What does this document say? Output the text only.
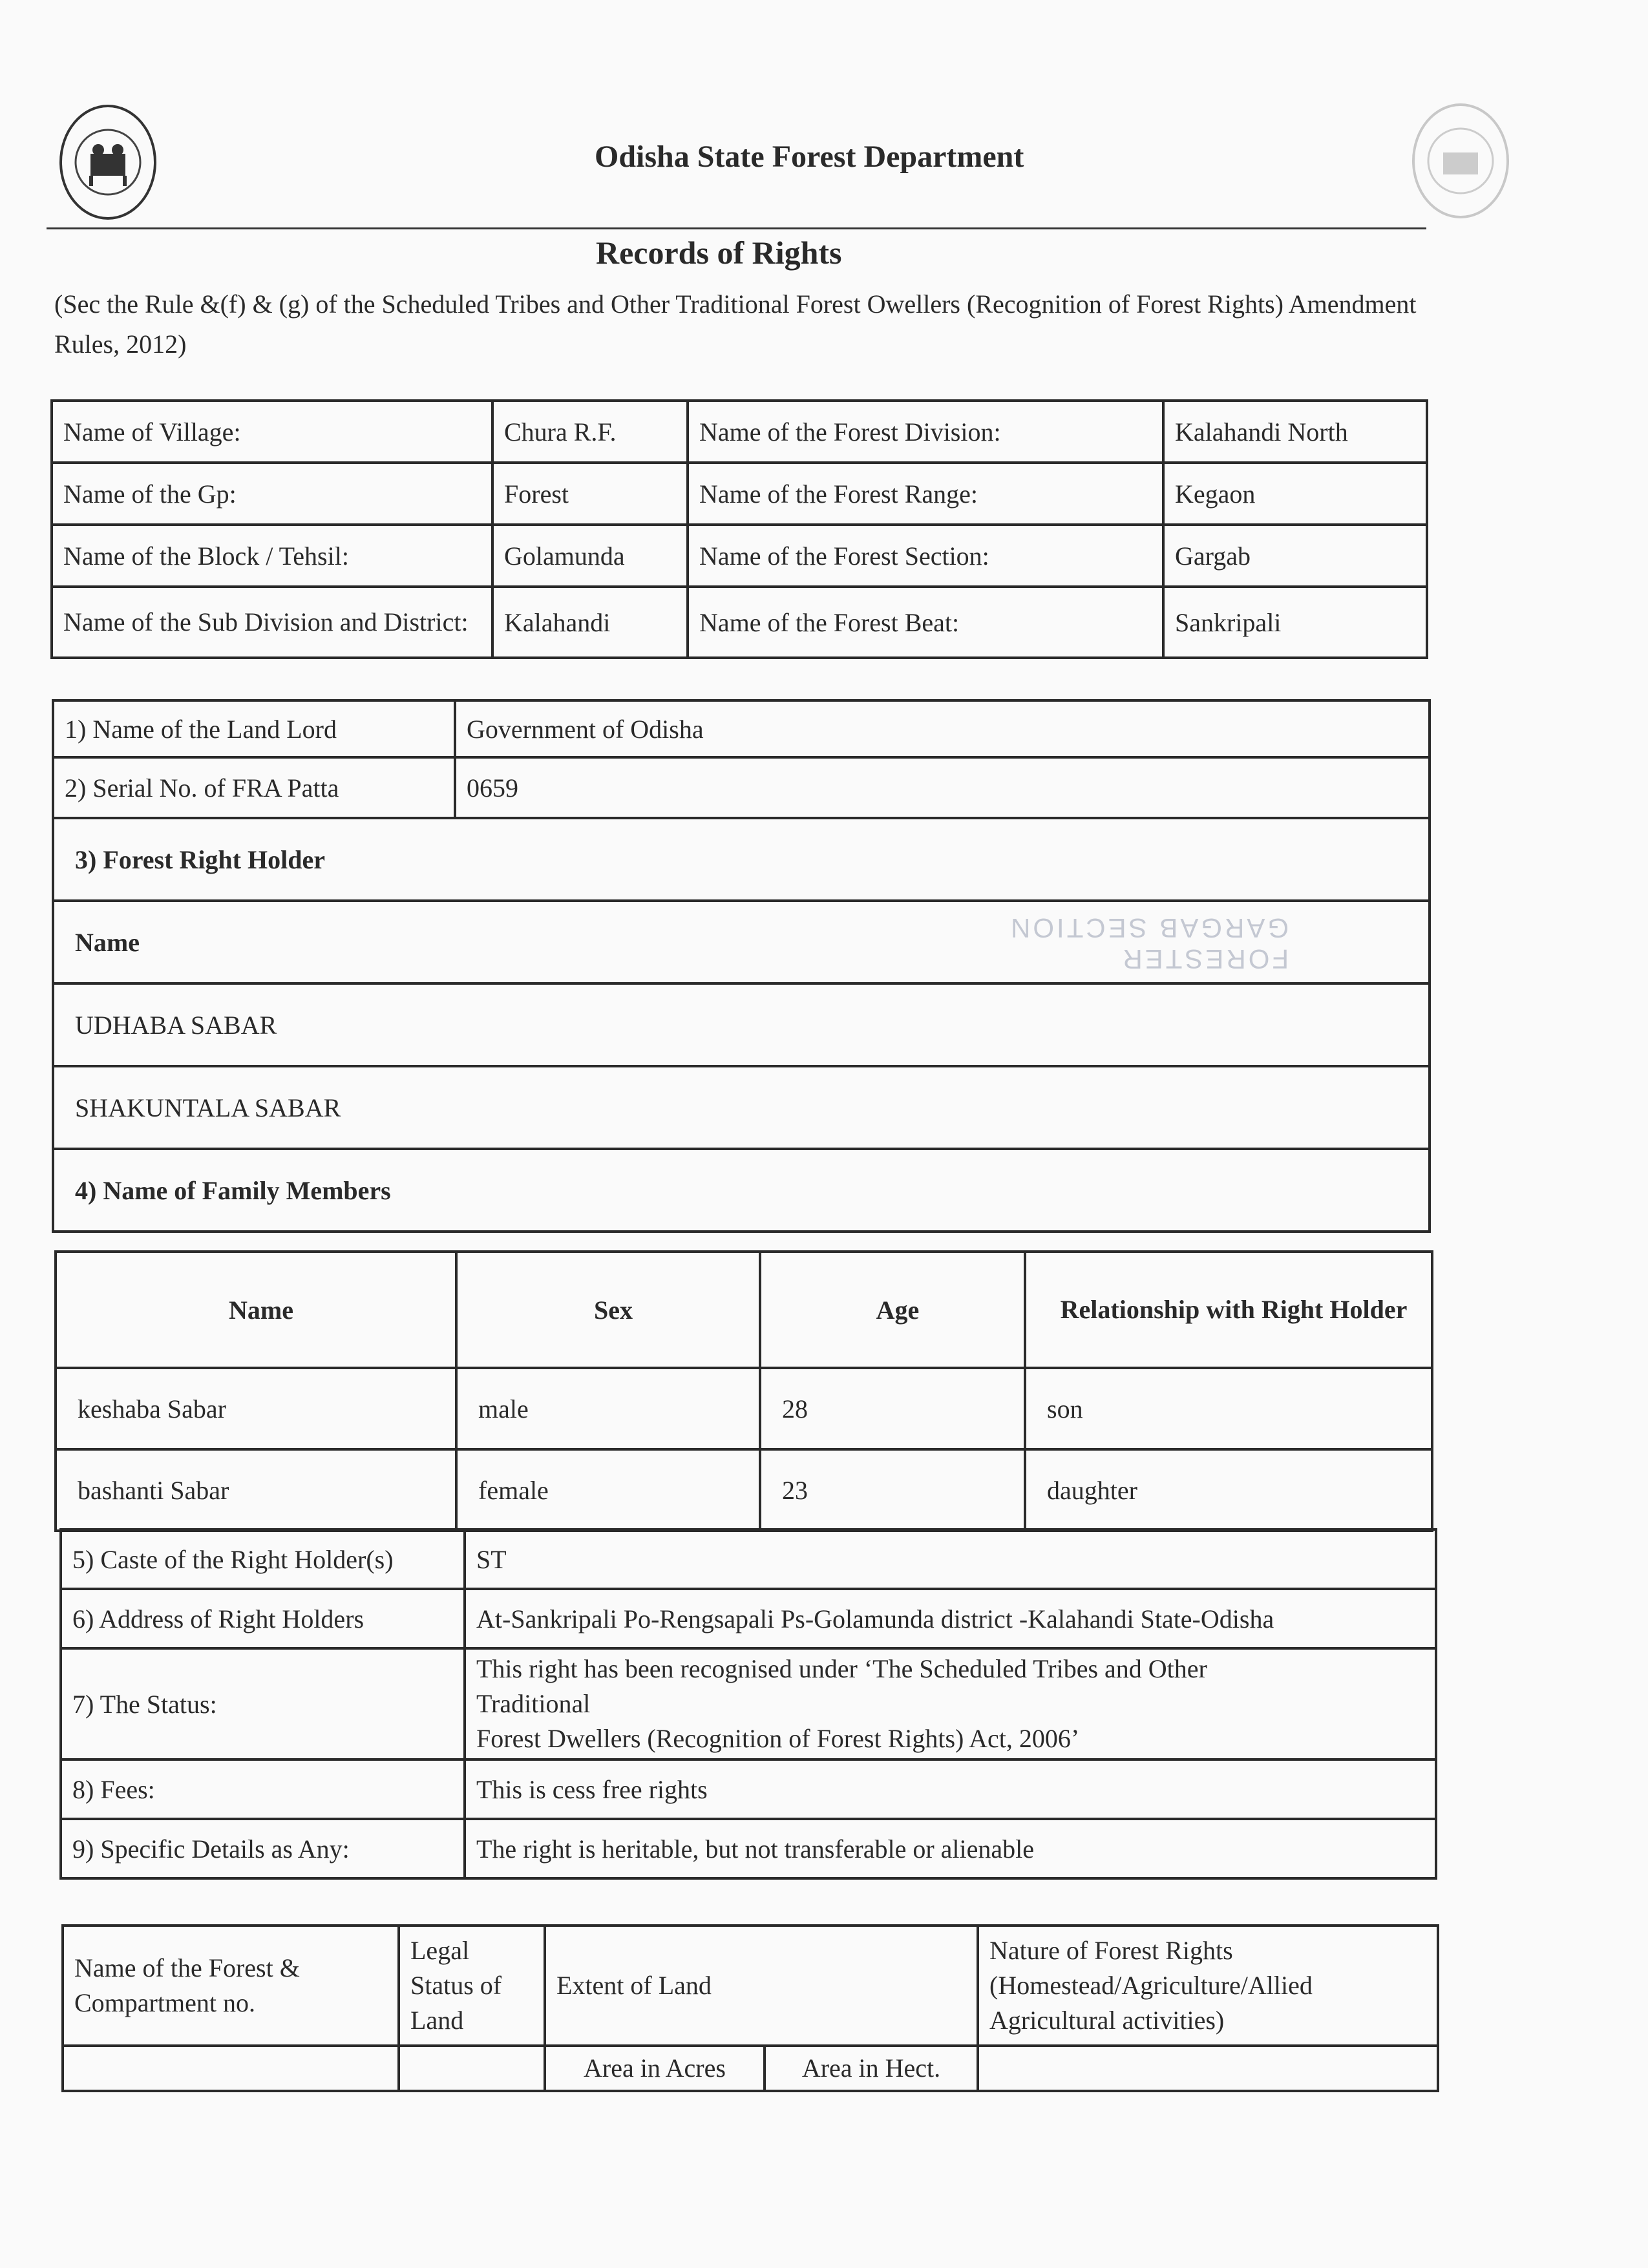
Odisha State Forest Department
Records of Rights
(Sec the Rule &(f) & (g) of the Scheduled Tribes and Other Traditional Forest Owellers (Recognition of Forest Rights) Amendment Rules, 2012)
Name of Village:	Chura R.F.	Name of the Forest Division:	Kalahandi North
Name of the Gp:	Forest	Name of the Forest Range:	Kegaon
Name of the Block / Tehsil:	Golamunda	Name of the Forest Section:	Gargab
Name of the Sub Division and District:	Kalahandi	Name of the Forest Beat:	Sankripali
1) Name of the Land Lord	Government of Odisha
2) Serial No. of FRA Patta	0659
3) Forest Right Holder	
Name	
UDHABA SABAR	
SHAKUNTALA SABAR	
4) Name of Family Members	
Name	Sex	Age	Relationship with Right Holder
keshaba Sabar	male	28	son
bashanti Sabar	female	23	daughter
5) Caste of the Right Holder(s)	ST
6) Address of Right Holders	At-Sankripali Po-Rengsapali Ps-Golamunda district -Kalahandi State-Odisha
7) The Status:	This right has been recognised under ‘The Scheduled Tribes and Other
Traditional
Forest Dwellers (Recognition of Forest Rights) Act, 2006’

8) Fees:	This is cess free rights
9) Specific Details as Any:	The right is heritable, but not transferable or alienable
Name of the Forest & Compartment no.	Legal Status of Land	Extent of Land		Nature of Forest Rights (Homestead/Agriculture/Allied Agricultural activities)
		Area in Acres	Area in Hect.	
FORESTER
GARGAB SECTION
